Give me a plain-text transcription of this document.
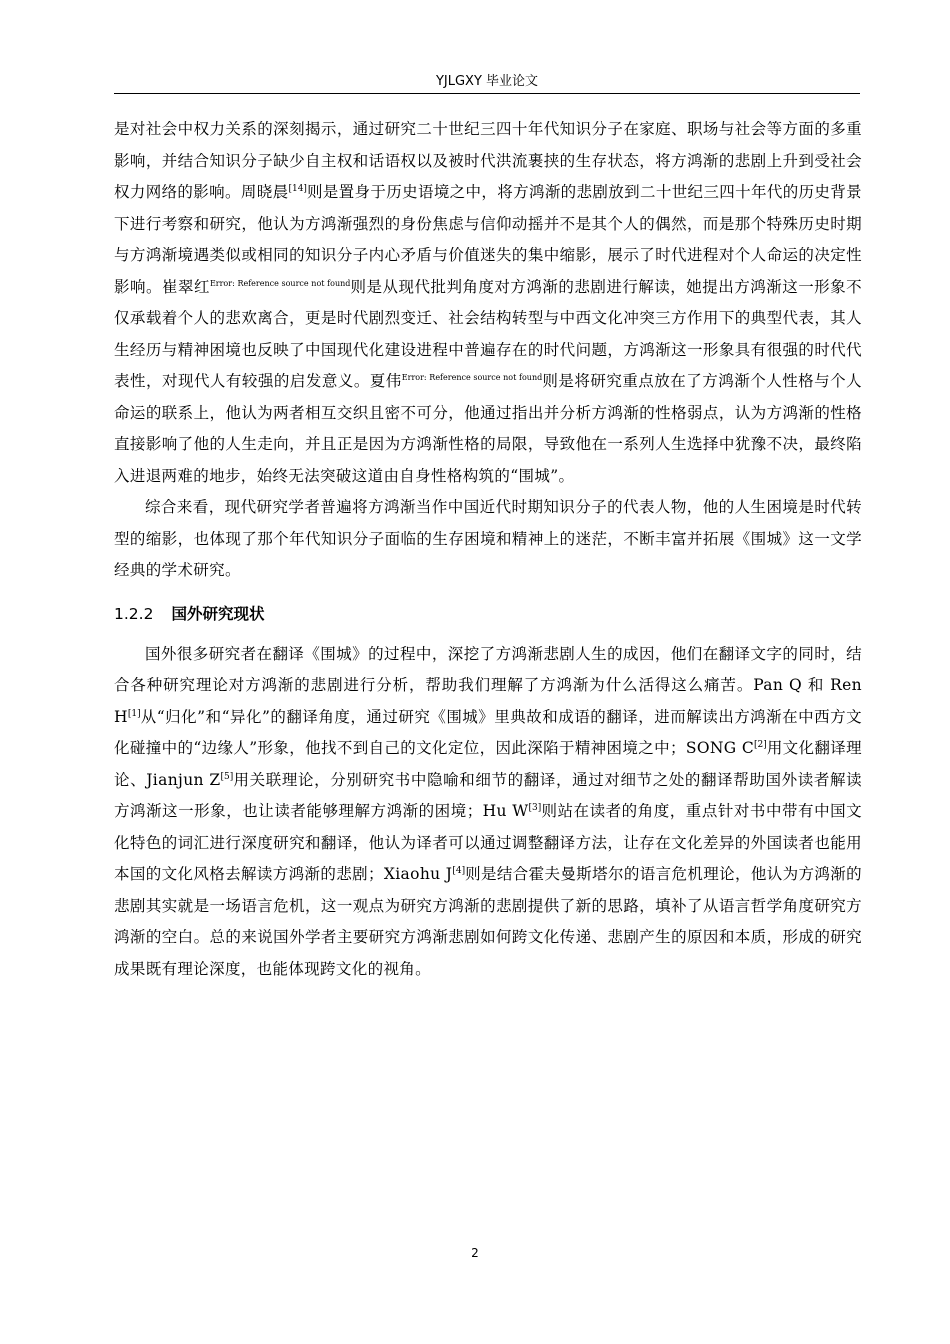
YJLGXY 毕业论文

是对社会中权力关系的深刻揭示，通过研究二十世纪三四十年代知识分子在家庭、职场与社会等方面的多重影响，并结合知识分子缺少自主权和话语权以及被时代洪流裹挟的生存状态，将方鸿渐的悲剧上升到受社会权力网络的影响。周晓晨[14]则是置身于历史语境之中，将方鸿渐的悲剧放到二十世纪三四十年代的历史背景下进行考察和研究，他认为方鸿渐强烈的身份焦虑与信仰动摇并不是其个人的偶然，而是那个特殊历史时期与方鸿渐境遇类似或相同的知识分子内心矛盾与价值迷失的集中缩影，展示了时代进程对个人命运的决定性影响。崔翠红$^{Error: Reference source not found}$则是从现代批判角度对方鸿渐的悲剧进行解读，她提出方鸿渐这一形象不仅承载着个人的悲欢离合，更是时代剧烈变迁、社会结构转型与中西文化冲突三方作用下的典型代表，其人生经历与精神困境也反映了中国现代化建设进程中普遍存在的时代问题，方鸿渐这一形象具有很强的时代代表性，对现代人有较强的启发意义。夏伟$^{Error: Reference source not found}$则是将研究重点放在了方鸿渐个人性格与个人命运的联系上，他认为两者相互交织且密不可分，他通过指出并分析方鸿渐的性格弱点，认为方鸿渐的性格直接影响了他的人生走向，并且正是因为方鸿渐性格的局限，导致他在一系列人生选择中犹豫不决，最终陷入进退两难的地步，始终无法突破这道由自身性格构筑的“围城”。

综合来看，现代研究学者普遍将方鸿渐当作中国近代时期知识分子的代表人物，他的人生困境是时代转型的缩影，也体现了那个年代知识分子面临的生存困境和精神上的迷茫，不断丰富并拓展《围城》这一文学经典的学术研究。

1.2.2 国外研究现状

国外很多研究者在翻译《围城》的过程中，深挖了方鸿渐悲剧人生的成因，他们在翻译文字的同时，结合各种研究理论对方鸿渐的悲剧进行分析，帮助我们理解了方鸿渐为什么活得这么痛苦。Pan Q 和 Ren H[1]从“归化”和“异化”的翻译角度，通过研究《围城》里典故和成语的翻译，进而解读出方鸿渐在中西方文化碰撞中的“边缘人”形象，他找不到自己的文化定位，因此深陷于精神困境之中；SONG C[2]用文化翻译理论、Jianjun Z[5]用关联理论，分别研究书中隐喻和细节的翻译，通过对细节之处的翻译帮助国外读者解读方鸿渐这一形象，也让读者能够理解方鸿渐的困境；Hu W[3]则站在读者的角度，重点针对书中带有中国文化特色的词汇进行深度研究和翻译，他认为译者可以通过调整翻译方法，让存在文化差异的外国读者也能用本国的文化风格去解读方鸿渐的悲剧；Xiaohu J[4]则是结合霍夫曼斯塔尔的语言危机理论，他认为方鸿渐的悲剧其实就是一场语言危机，这一观点为研究方鸿渐的悲剧提供了新的思路，填补了从语言哲学角度研究方鸿渐的空白。总的来说国外学者主要研究方鸿渐悲剧如何跨文化传递、悲剧产生的原因和本质，形成的研究成果既有理论深度，也能体现跨文化的视角。

2
